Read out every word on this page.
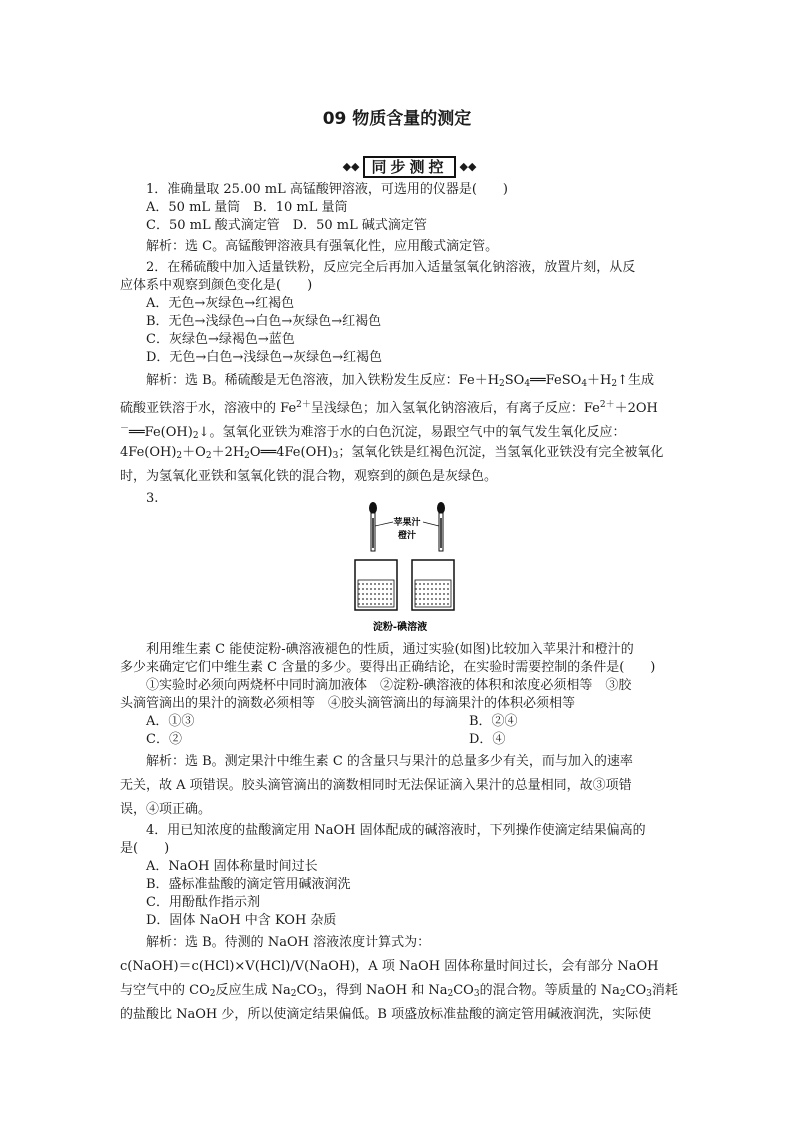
09 物质含量的测定
◆◆ 同步测控	◆◆
1．准确量取 25.00 mL 高锰酸钾溶液，可选用的仪器是(　　)
A．50 mL 量筒　B．10 mL 量筒
C．50 mL 酸式滴定管　D．50 mL 碱式滴定管
解析：选 C。高锰酸钾溶液具有强氧化性，应用酸式滴定管。
2．在稀硫酸中加入适量铁粉，反应完全后再加入适量氢氧化钠溶液，放置片刻，从反
应体系中观察到颜色变化是(　　)
A．无色→灰绿色→红褐色
B．无色→浅绿色→白色→灰绿色→红褐色
C．灰绿色→绿褐色→蓝色
D．无色→白色→浅绿色→灰绿色→红褐色
解析：选 B。稀硫酸是无色溶液，加入铁粉发生反应：$Fe+H_2SO_4══FeSO_4+H_2↑$生成
硫酸亚铁溶于水，溶液中的 $Fe^{2+}$呈浅绿色；加入氢氧化钠溶液后，有离子反应：$Fe^{2+}+2OH$
$^-══Fe(OH)_2↓$。氢氧化亚铁为难溶于水的白色沉淀，易跟空气中的氧气发生氧化反应：
$4Fe(OH)_2+O_2+2H_2O══4Fe(OH)_3$；氢氧化铁是红褐色沉淀，当氢氧化亚铁没有完全被氧化
时，为氢氧化亚铁和氢氧化铁的混合物，观察到的颜色是灰绿色。
3.
苹果汁
橙汁
淀粉-碘溶液
利用维生素 C 能使淀粉-碘溶液褪色的性质，通过实验(如图)比较加入苹果汁和橙汁的
多少来确定它们中维生素 C 含量的多少。要得出正确结论，在实验时需要控制的条件是(　　)
①实验时必须向两烧杯中同时滴加液体　②淀粉-碘溶液的体积和浓度必须相等　③胶
头滴管滴出的果汁的滴数必须相等　④胶头滴管滴出的每滴果汁的体积必须相等
A．①③	B．②④
C．②	D．④
解析：选 B。测定果汁中维生素 C 的含量只与果汁的总量多少有关，而与加入的速率
无关，故 A 项错误。胶头滴管滴出的滴数相同时无法保证滴入果汁的总量相同，故③项错
误，④项正确。
4．用已知浓度的盐酸滴定用 NaOH 固体配成的碱溶液时，下列操作使滴定结果偏高的
是(　　)
A．NaOH 固体称量时间过长
B．盛标准盐酸的滴定管用碱液润洗
C．用酚酞作指示剂
D．固体 NaOH 中含 KOH 杂质
解析：选 B。待测的 NaOH 溶液浓度计算式为：
c(NaOH)＝c(HCl)×V(HCl)/V(NaOH)，A 项 NaOH 固体称量时间过长，会有部分 NaOH
与空气中的 $CO_2$反应生成 $Na_2CO_3$，得到 NaOH 和 $Na_2CO_3$的混合物。等质量的 $Na_2CO_3$消耗
的盐酸比 NaOH 少，所以使滴定结果偏低。B 项盛放标准盐酸的滴定管用碱液润洗，实际使
